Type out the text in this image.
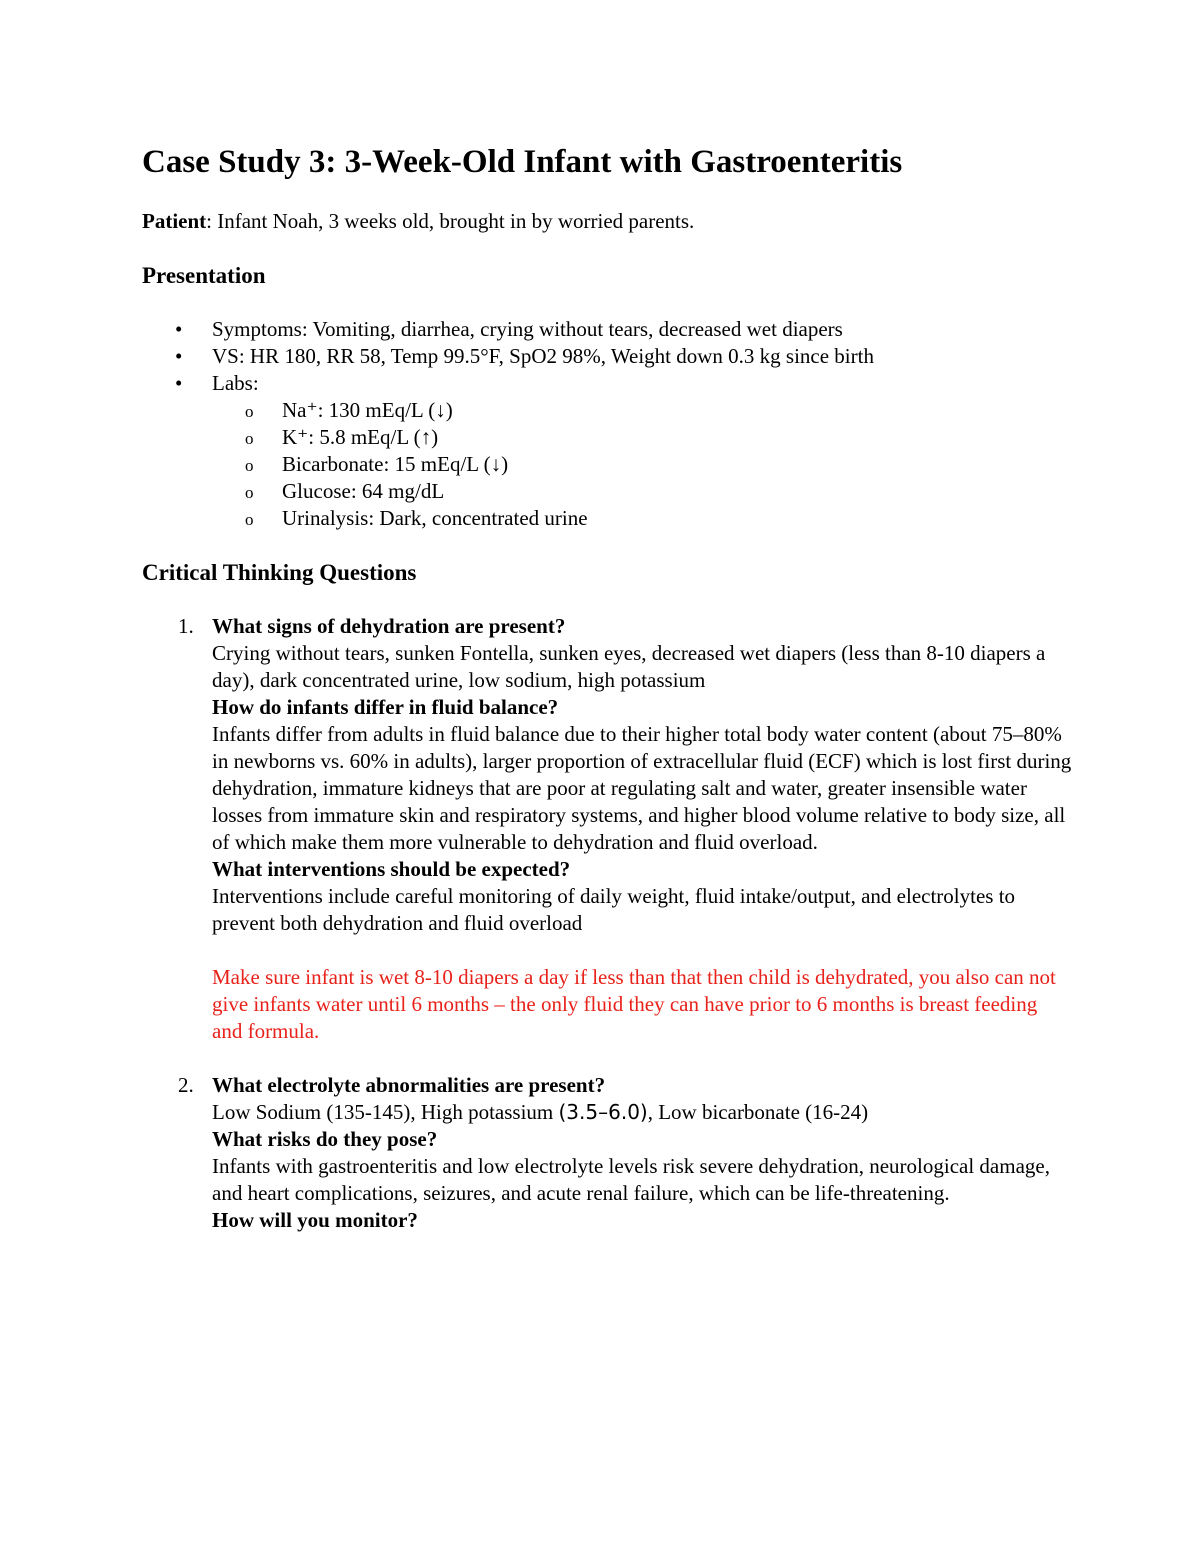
Case Study 3: 3-Week-Old Infant with Gastroenteritis

Patient: Infant Noah, 3 weeks old, brought in by worried parents.

Presentation
• Symptoms: Vomiting, diarrhea, crying without tears, decreased wet diapers
• VS: HR 180, RR 58, Temp 99.5°F, SpO2 98%, Weight down 0.3 kg since birth
• Labs:
o Na⁺: 130 mEq/L (↓)
o K⁺: 5.8 mEq/L (↑)
o Bicarbonate: 15 mEq/L (↓)
o Glucose: 64 mg/dL
o Urinalysis: Dark, concentrated urine
Critical Thinking Questions
1. What signs of dehydration are present?

Crying without tears, sunken Fontella, sunken eyes, decreased wet diapers (less than 8-10 diapers a day), dark concentrated urine, low sodium, high potassium

How do infants differ in fluid balance?

Infants differ from adults in fluid balance due to their higher total body water content (about 75–80% in newborns vs. 60% in adults), larger proportion of extracellular fluid (ECF) which is lost first during dehydration, immature kidneys that are poor at regulating salt and water, greater insensible water losses from immature skin and respiratory systems, and higher blood volume relative to body size, all of which make them more vulnerable to dehydration and fluid overload.

What interventions should be expected?

Interventions include careful monitoring of daily weight, fluid intake/output, and electrolytes to prevent both dehydration and fluid overload

Make sure infant is wet 8-10 diapers a day if less than that then child is dehydrated, you also can not give infants water until 6 months – the only fluid they can have prior to 6 months is breast feeding and formula.

2. What electrolyte abnormalities are present?

Low Sodium (135-145), High potassium (3.5–6.0), Low bicarbonate (16-24)

What risks do they pose?

Infants with gastroenteritis and low electrolyte levels risk severe dehydration, neurological damage, and heart complications, seizures, and acute renal failure, which can be life-threatening.

How will you monitor?
